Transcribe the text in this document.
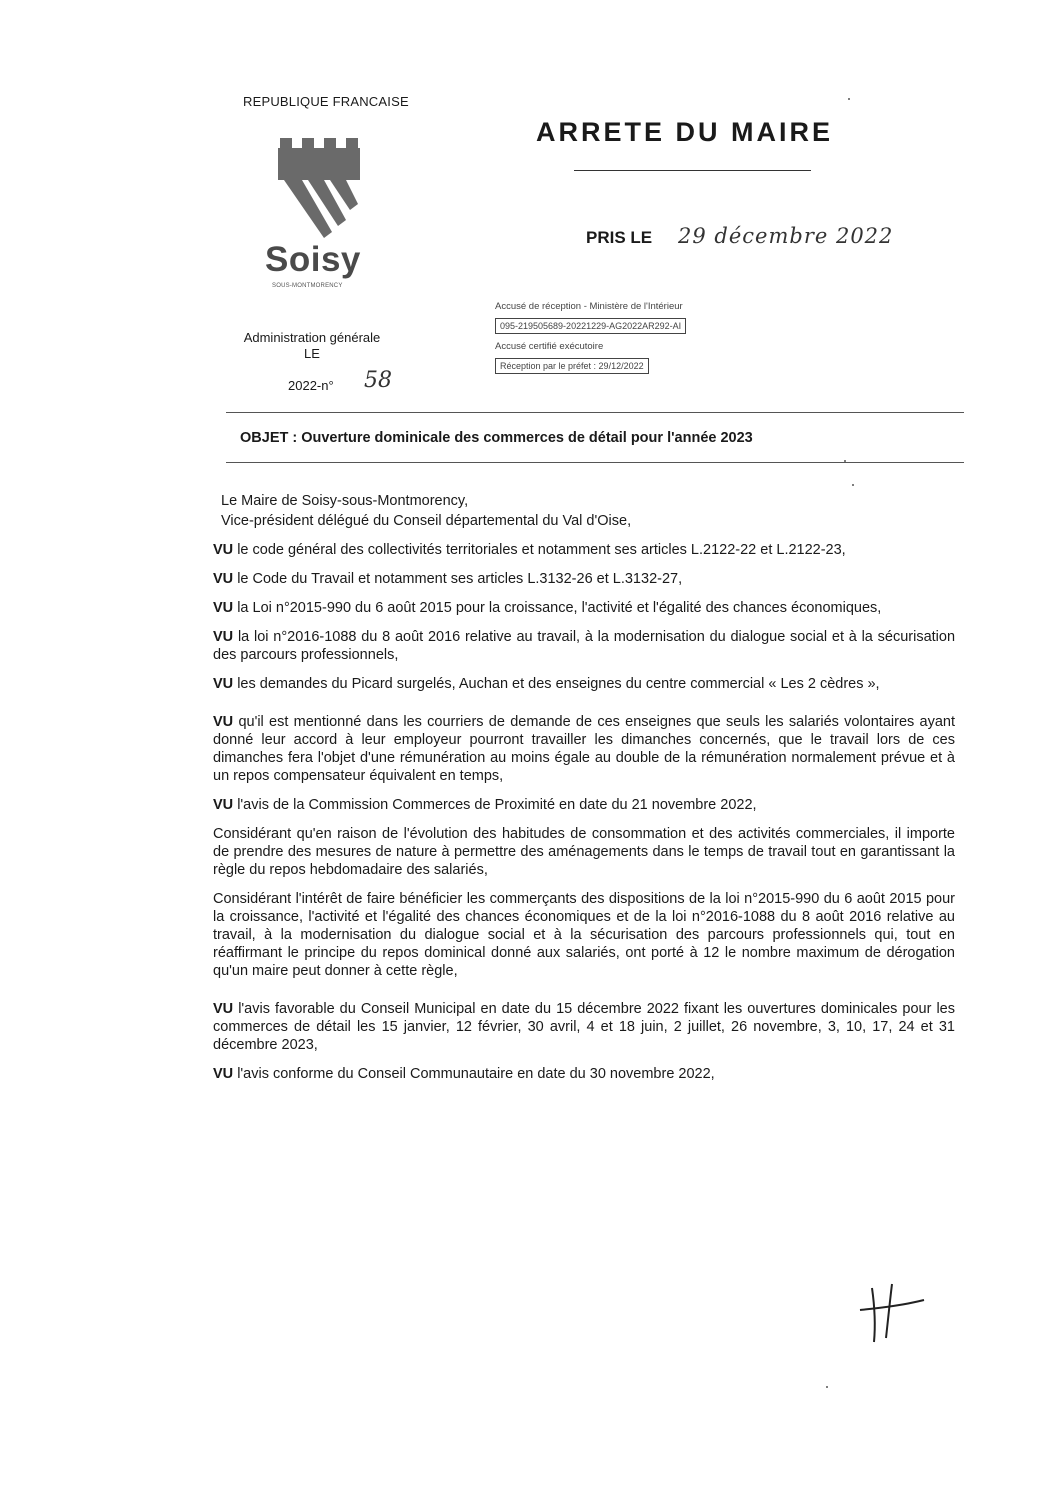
REPUBLIQUE FRANCAISE
Soisy
SOUS-MONTMORENCY
ARRETE DU MAIRE
PRIS LE 29 décembre 2022
Administration générale
LE
2022-n° 58
Accusé de réception - Ministère de l'Intérieur
095-219505689-20221229-AG2022AR292-AI
Accusé certifié exécutoire
Réception par le préfet : 29/12/2022
OBJET : Ouverture dominicale des commerces de détail pour l'année 2023
Le Maire de Soisy-sous-Montmorency,
Vice-président délégué du Conseil départemental du Val d'Oise,
VU le code général des collectivités territoriales et notamment ses articles L.2122-22 et L.2122-23,
VU le Code du Travail et notamment ses articles L.3132-26 et L.3132-27,
VU la Loi n°2015-990 du 6 août 2015 pour la croissance, l'activité et l'égalité des chances économiques,
VU la loi n°2016-1088 du 8 août 2016 relative au travail, à la modernisation du dialogue social et à la sécurisation des parcours professionnels,
VU les demandes du Picard surgelés, Auchan et des enseignes du centre commercial « Les 2 cèdres »,
VU qu'il est mentionné dans les courriers de demande de ces enseignes que seuls les salariés volontaires ayant donné leur accord à leur employeur pourront travailler les dimanches concernés, que le travail lors de ces dimanches fera l'objet d'une rémunération au moins égale au double de la rémunération normalement prévue et à un repos compensateur équivalent en temps,
VU l'avis de la Commission Commerces de Proximité en date du 21 novembre 2022,
Considérant qu'en raison de l'évolution des habitudes de consommation et des activités commerciales, il importe de prendre des mesures de nature à permettre des aménagements dans le temps de travail tout en garantissant la règle du repos hebdomadaire des salariés,
Considérant l'intérêt de faire bénéficier les commerçants des dispositions de la loi n°2015-990 du 6 août 2015 pour la croissance, l'activité et l'égalité des chances économiques et de la loi n°2016-1088 du 8 août 2016 relative au travail, à la modernisation du dialogue social et à la sécurisation des parcours professionnels qui, tout en réaffirmant le principe du repos dominical donné aux salariés, ont porté à 12 le nombre maximum de dérogation qu'un maire peut donner à cette règle,
VU l'avis favorable du Conseil Municipal en date du 15 décembre 2022 fixant les ouvertures dominicales pour les commerces de détail les 15 janvier, 12 février, 30 avril, 4 et 18 juin, 2 juillet, 26 novembre, 3, 10, 17, 24 et 31 décembre 2023,
VU l'avis conforme du Conseil Communautaire en date du 30 novembre 2022,
